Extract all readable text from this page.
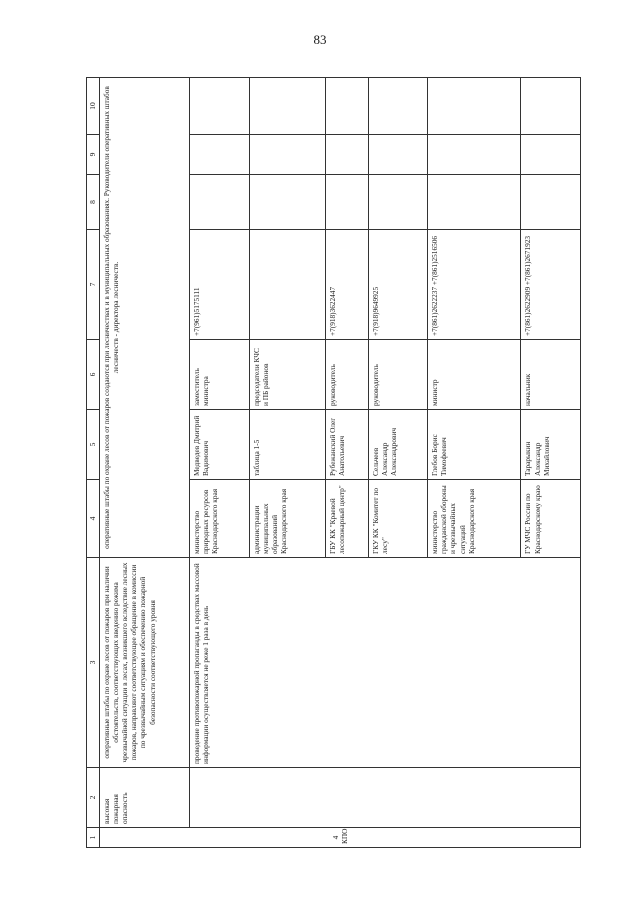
83
1	2	3	4	5	6	7	8	9	10
4 КПО	высокая пожарная опасность	оперативные штабы по охране лесов от пожаров при наличии обстоятельств, соответствующих введению режима чрезвычайной ситуации в лесах, возникшего вследствие лесных пожаров, направляют соответствующее обращение в комиссии по чрезвычайным ситуациям и обеспечению пожарной безопасности соответствующего уровня	оперативные штабы по охране лесов от пожаров создаются при лесничествах и в муниципальных образованиях. Руководители оперативных штабов лесничеств - директора лесничеств.						
		проведение противопожарной пропаганды в средствах массовой информации осуществляется не реже 1 раза в день	министерство природных ресурсов Краснодарского края	Медведев Дмитрий Вадимович	заместитель министра	+7(961)5175111			
			администрации муниципальных образований Краснодарского края	таблица 1-5	председатели КЧС и ПБ районов				
			ГБУ КК "Краевой лесопожарный центр"	Рубежанский Олег Анатольевич	руководитель	+7(918)3622447			
			ГКУ КК "Комитет по лесу"	Сельчеев Александр Александрович	руководитель	+7(918)9649925			
			министерство гражданской обороны и чрезвычайных ситуаций Краснодарского края	Глебов Борис Тимофеевич	министр	+7(861)2622237 +7(861)2516506			
			ГУ МЧС России по Краснодарскому краю	Тарарыкин Александр Михайлович	начальник	+7(861)2622909 +7(861)2671923			
